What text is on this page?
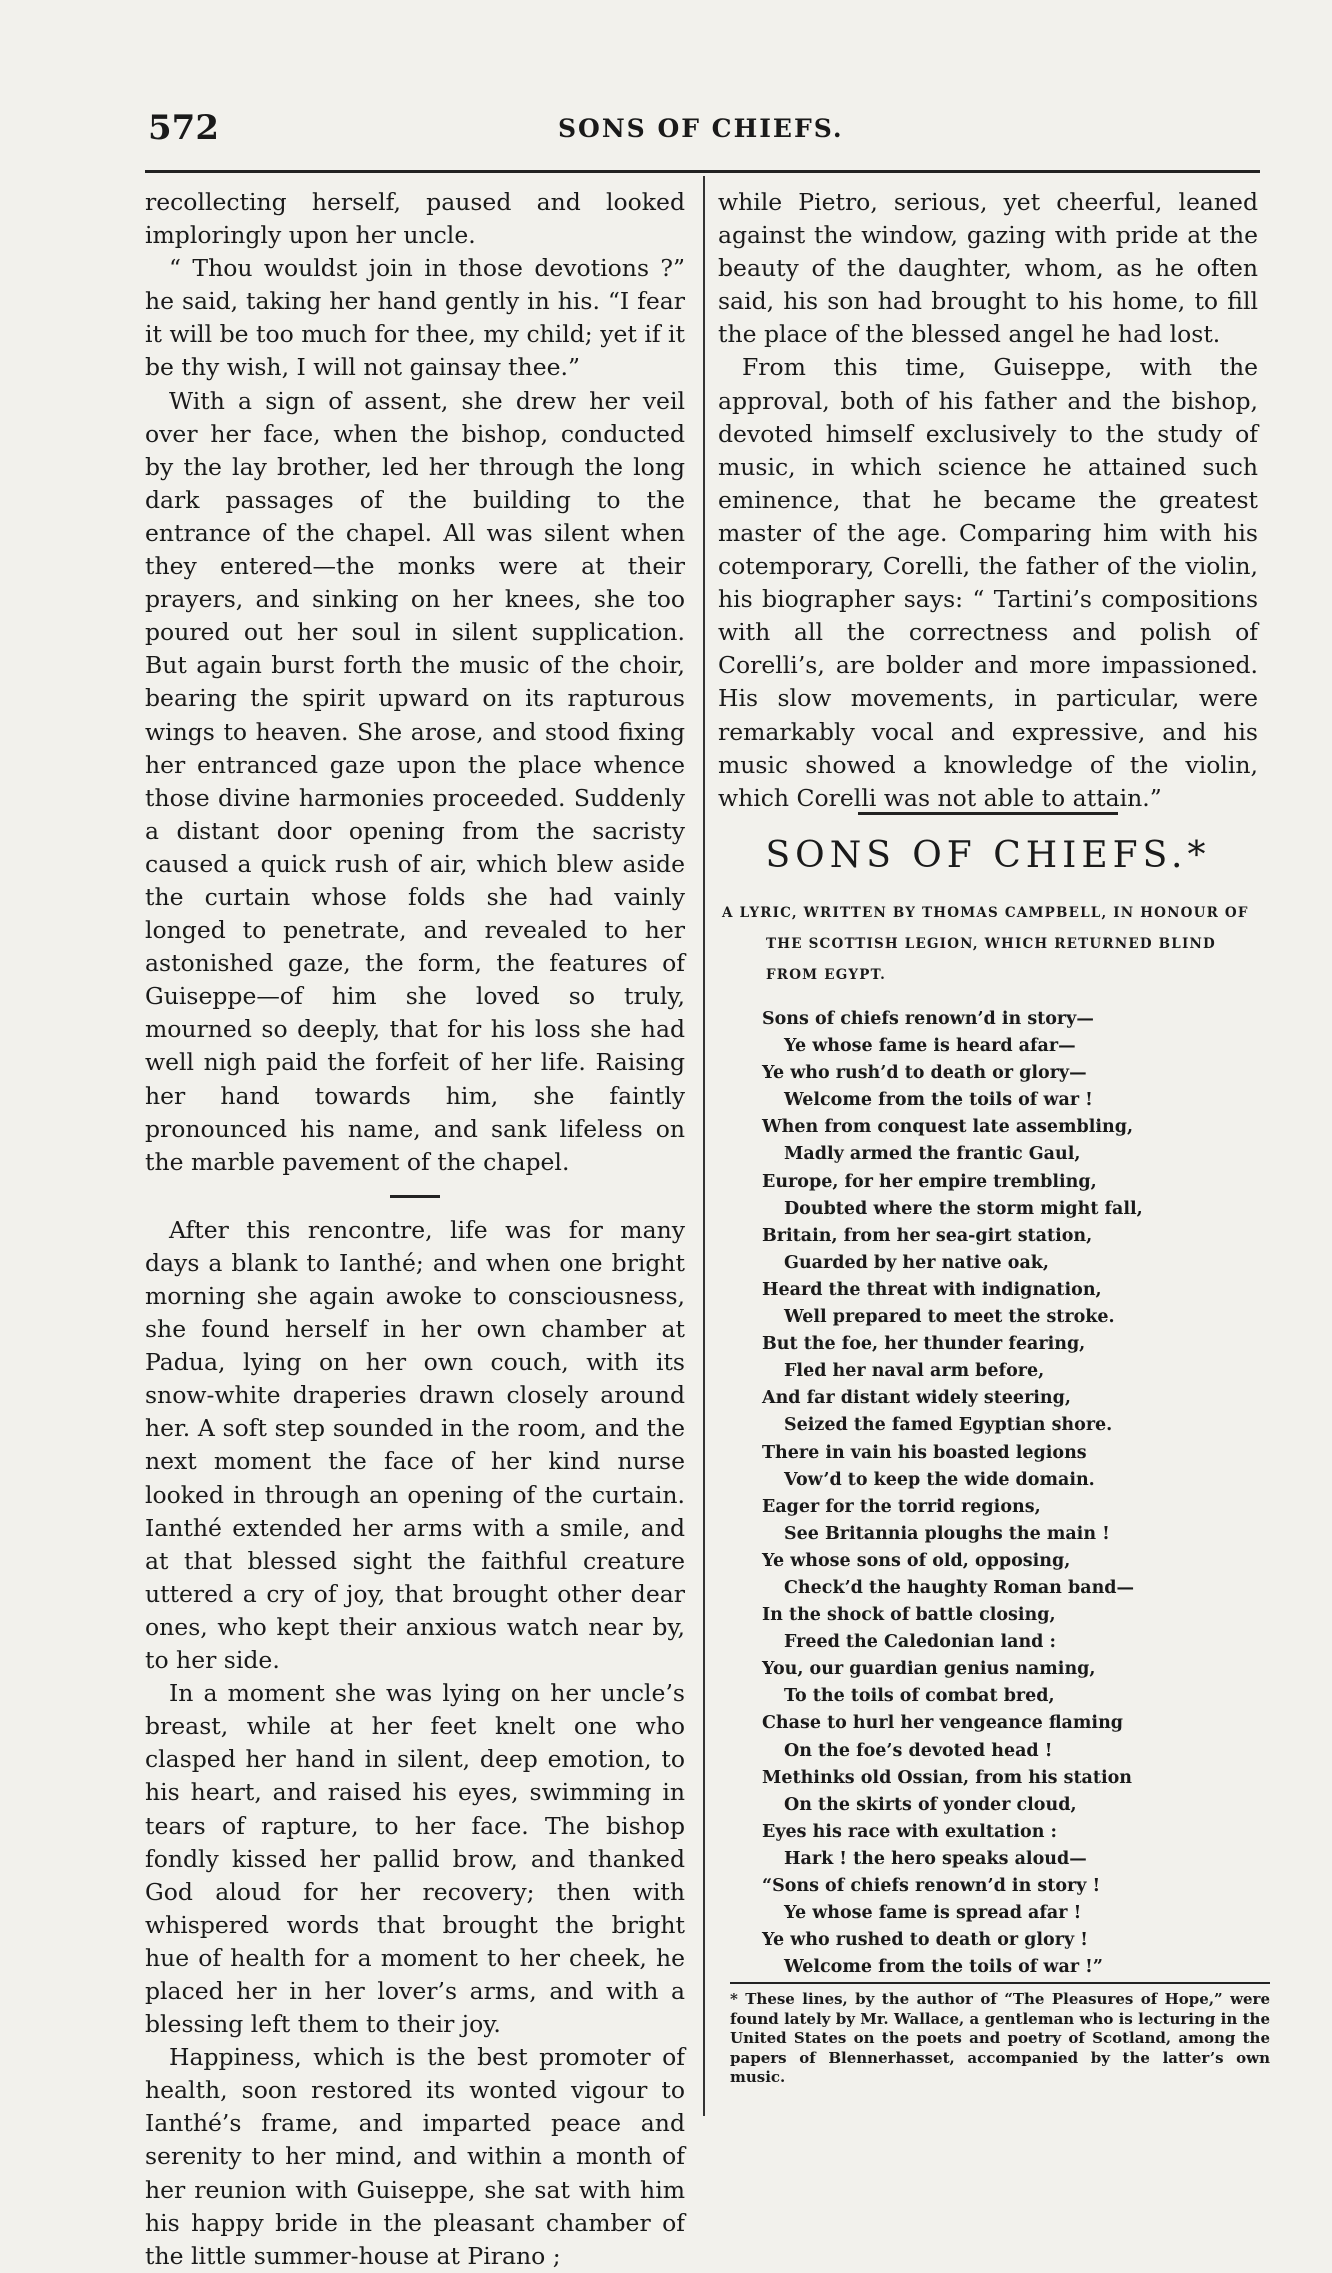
572	SONS OF CHIEFS.

recollecting herself, paused and looked imploringly upon her uncle.

“ Thou wouldst join in those devotions ?” he said, taking her hand gently in his. “I fear it will be too much for thee, my child; yet if it be thy wish, I will not gainsay thee.”

With a sign of assent, she drew her veil over her face, when the bishop, conducted by the lay brother, led her through the long dark passages of the building to the entrance of the chapel. All was silent when they entered—the monks were at their prayers, and sinking on her knees, she too poured out her soul in silent supplication. But again burst forth the music of the choir, bearing the spirit upward on its rapturous wings to heaven. She arose, and stood fixing her entranced gaze upon the place whence those divine harmonies proceeded. Suddenly a distant door opening from the sacristy caused a quick rush of air, which blew aside the curtain whose folds she had vainly longed to penetrate, and revealed to her astonished gaze, the form, the features of Guiseppe—of him she loved so truly, mourned so deeply, that for his loss she had well nigh paid the forfeit of her life. Raising her hand towards him, she faintly pronounced his name, and sank lifeless on the marble pavement of the chapel.

After this rencontre, life was for many days a blank to Ianthé; and when one bright morning she again awoke to consciousness, she found herself in her own chamber at Padua, lying on her own couch, with its snow-white draperies drawn closely around her. A soft step sounded in the room, and the next moment the face of her kind nurse looked in through an opening of the curtain. Ianthé extended her arms with a smile, and at that blessed sight the faithful creature uttered a cry of joy, that brought other dear ones, who kept their anxious watch near by, to her side.

In a moment she was lying on her uncle’s breast, while at her feet knelt one who clasped her hand in silent, deep emotion, to his heart, and raised his eyes, swimming in tears of rapture, to her face. The bishop fondly kissed her pallid brow, and thanked God aloud for her recovery; then with whispered words that brought the bright hue of health for a moment to her cheek, he placed her in her lover’s arms, and with a blessing left them to their joy.

Happiness, which is the best promoter of health, soon restored its wonted vigour to Ianthé’s frame, and imparted peace and serenity to her mind, and within a month of her reunion with Guiseppe, she sat with him his happy bride in the pleasant chamber of the little summer-house at Pirano ;

while Pietro, serious, yet cheerful, leaned against the window, gazing with pride at the beauty of the daughter, whom, as he often said, his son had brought to his home, to fill the place of the blessed angel he had lost.

From this time, Guiseppe, with the approval, both of his father and the bishop, devoted himself exclusively to the study of music, in which science he attained such eminence, that he became the greatest master of the age. Comparing him with his cotemporary, Corelli, the father of the violin, his biographer says: “ Tartini’s compositions with all the correctness and polish of Corelli’s, are bolder and more impassioned. His slow movements, in particular, were remarkably vocal and expressive, and his music showed a knowledge of the violin, which Corelli was not able to attain.”

SONS OF CHIEFS.*
A LYRIC, WRITTEN BY THOMAS CAMPBELL, IN HONOUR OF
THE SCOTTISH LEGION, WHICH RETURNED BLIND
FROM EGYPT.
Sons of chiefs renown’d in story—
Ye whose fame is heard afar—
Ye who rush’d to death or glory—
Welcome from the toils of war !
When from conquest late assembling,
Madly armed the frantic Gaul,
Europe, for her empire trembling,
Doubted where the storm might fall,
Britain, from her sea-girt station,
Guarded by her native oak,
Heard the threat with indignation,
Well prepared to meet the stroke.
But the foe, her thunder fearing,
Fled her naval arm before,
And far distant widely steering,
Seized the famed Egyptian shore.
There in vain his boasted legions
Vow’d to keep the wide domain.
Eager for the torrid regions,
See Britannia ploughs the main !
Ye whose sons of old, opposing,
Check’d the haughty Roman band—
In the shock of battle closing,
Freed the Caledonian land :
You, our guardian genius naming,
To the toils of combat bred,
Chase to hurl her vengeance flaming
On the foe’s devoted head !
Methinks old Ossian, from his station
On the skirts of yonder cloud,
Eyes his race with exultation :
Hark ! the hero speaks aloud—
“Sons of chiefs renown’d in story !
Ye whose fame is spread afar !
Ye who rushed to death or glory !
Welcome from the toils of war !”
* These lines, by the author of “The Pleasures of Hope,” were found lately by Mr. Wallace, a gentleman who is lecturing in the United States on the poets and poetry of Scotland, among the papers of Blennerhasset, accompanied by the latter’s own music.
